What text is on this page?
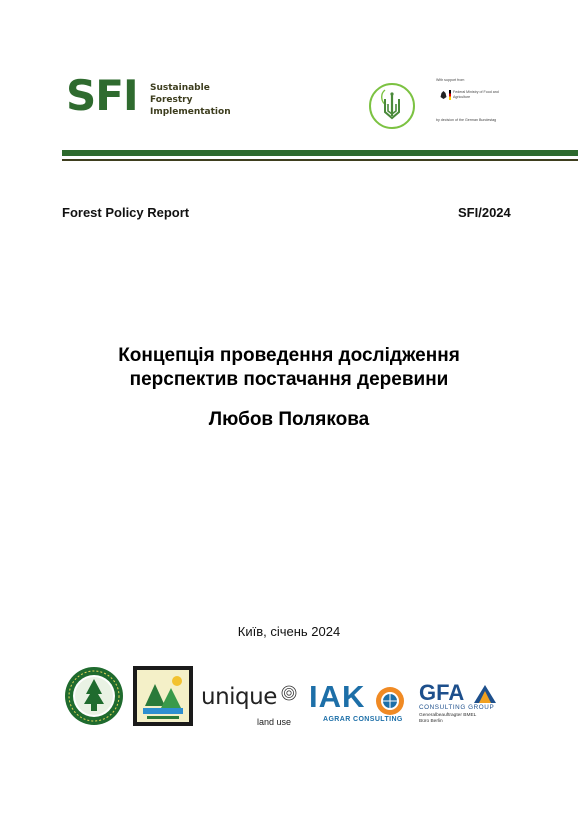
SFI Sustainable
Forestry
Implementation
With support from
Federal Ministry of Food and Agriculture
by decision of the German Bundestag
Forest Policy Report	SFI/2024
Концепція проведення дослідження
перспектив постачання деревини
Любов Полякова
Київ, січень 2024
unique
land use
IAK
AGRAR CONSULTING
GFA
CONSULTING GROUP
Generalbeauftragter BMEL
Büro Berlin
